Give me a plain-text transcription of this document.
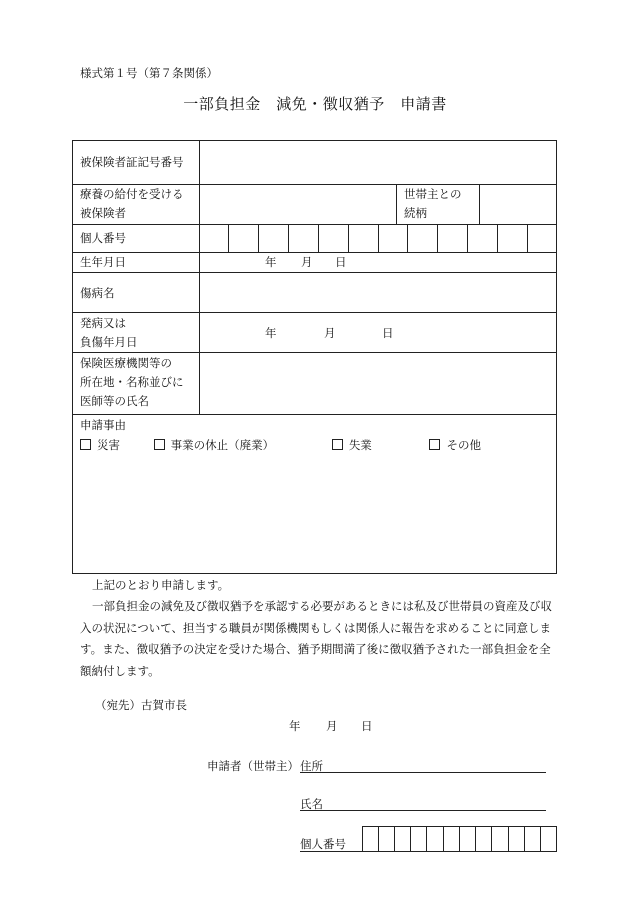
様式第１号（第７条関係）
一部負担金　減免・徴収猶予　申請書
被保険者証記号番号
療養の給付を受ける
被保険者
世帯主との
続柄
個人番号
生年月日	年 月 日
傷病名
発病又は
負傷年月日
年	月	日
保険医療機関等の
所在地・名称並びに
医師等の氏名
申請事由
災害	事業の休止（廃業）	失業	その他
上記のとおり申請します。
一部負担金の減免及び徴収猶予を承認する必要があるときには私及び世帯員の資産及び収入の状況について、担当する職員が関係機関もしくは関係人に報告を求めることに同意します。また、徴収猶予の決定を受けた場合、猶予期間満了後に徴収猶予された一部負担金を全額納付します。
（宛先）古賀市長
年 月 日
申請者（世帯主） 住所
氏名
個人番号
